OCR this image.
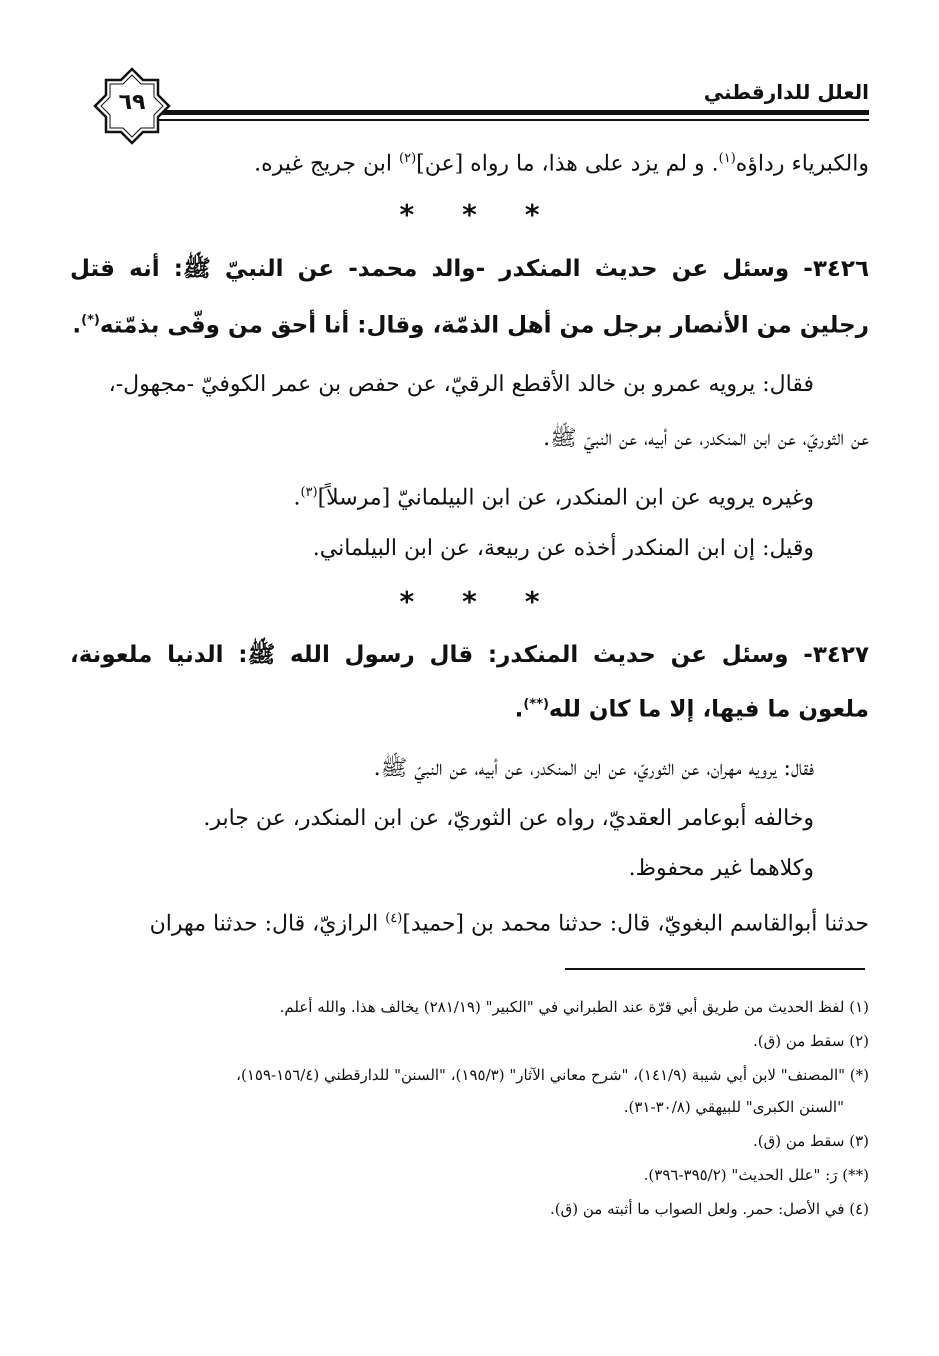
العلل للدارقطني
٦٩
والكبرياء رداؤه$^{(١)}$. و لم يزد على هذا، ما رواه [عن]$^{(٢)}$ ابن جريج غيره.
* * *
٣٤٢٦- وسئل عن حديث المنكدر -والد محمد- عن النبيّ ﷺ: أنه قتل
رجلين من الأنصار برجل من أهل الذمّة، وقال: أنا أحق من وفّى بذمّته(*).
فقال: يرويه عمرو بن خالد الأقطع الرقيّ، عن حفص بن عمر الكوفيّ -مجهول-،
عن الثوريّ، عن ابن المنكدر، عن أبيه، عن النبيّ ﷺ.
وغيره يرويه عن ابن المنكدر، عن ابن البيلمانيّ [مرسلاً]$^{(٣)}$.
وقيل: إن ابن المنكدر أخذه عن ربيعة، عن ابن البيلماني.
* * *
٣٤٢٧- وسئل عن حديث المنكدر: قال رسول الله ﷺ: الدنيا ملعونة،
ملعون ما فيها، إلا ما كان لله(**).
فقال: يرويه مهران، عن الثوريّ، عن ابن المنكدر، عن أبيه، عن النبيّ ﷺ.
وخالفه أبوعامر العقديّ، رواه عن الثوريّ، عن ابن المنكدر، عن جابر.
وكلاهما غير محفوظ.
حدثنا أبوالقاسم البغويّ، قال: حدثنا محمد بن [حميد]$^{(٤)}$ الرازيّ، قال: حدثنا مهران
(١) لفظ الحديث من طريق أبي قرّة عند الطبراني في "الكبير" (٢٨١/١٩) يخالف هذا. والله أعلم.
(٢) سقط من (ق).
(*) "المصنف" لابن أبي شيبة (١٤١/٩)، "شرح معاني الآثار" (١٩٥/٣)، "السنن" للدارقطني (١٥٦/٤-١٥٩)،
"السنن الكبرى" للبيهقي (٣٠/٨-٣١).
(٣) سقط من (ق).
(**) رَ: "علل الحديث" (٣٩٥/٢-٣٩٦).
(٤) في الأصل: حمر. ولعل الصواب ما أثبته من (ق).
